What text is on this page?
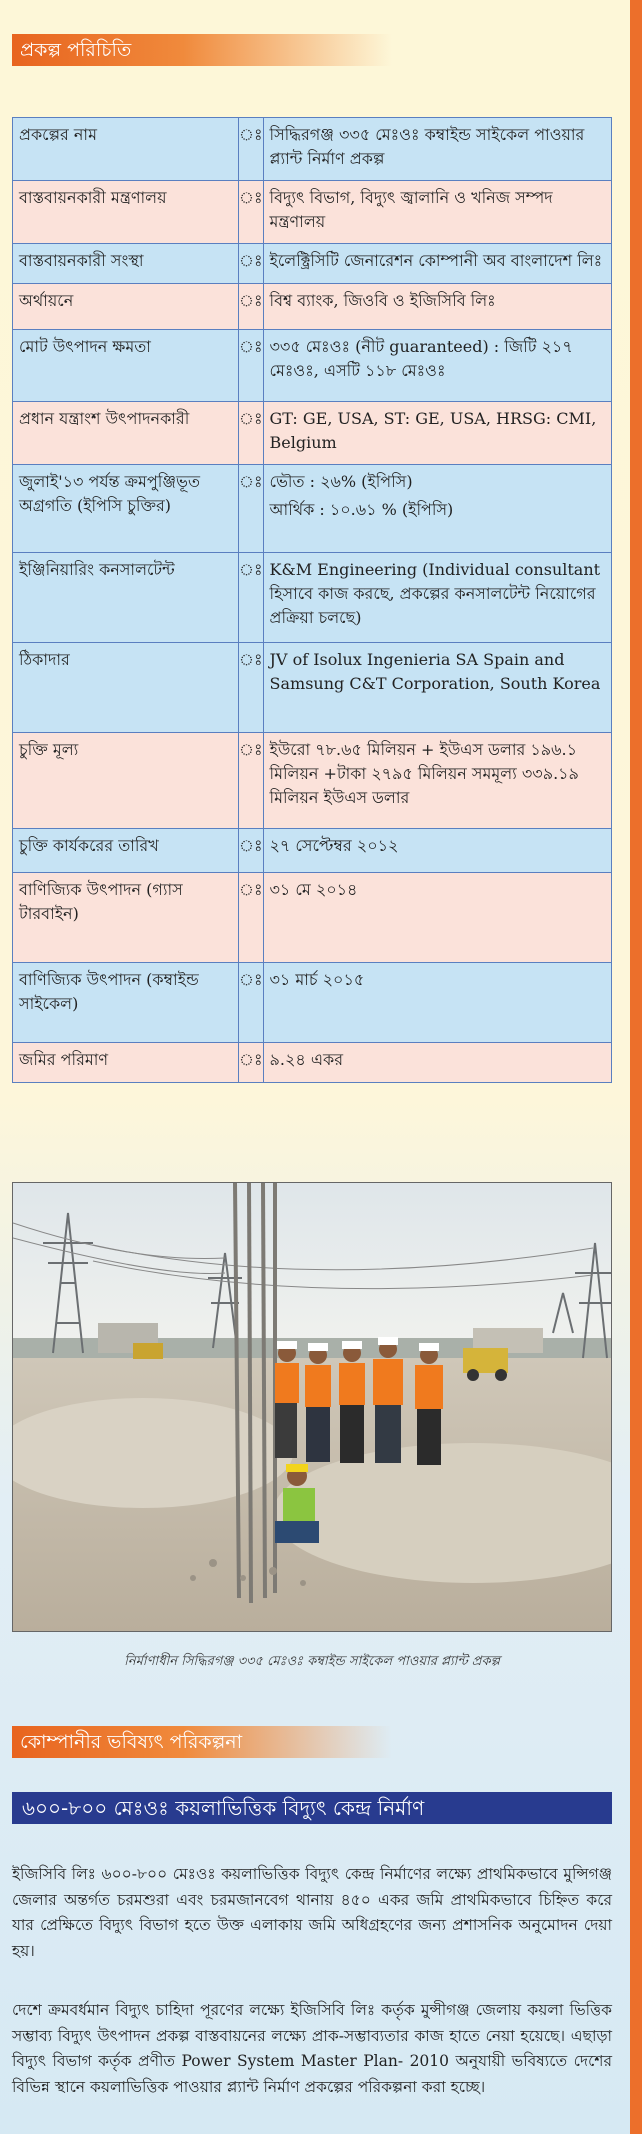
প্রকল্প পরিচিতি
প্রকল্পের নাম	ঃ	সিদ্ধিরগঞ্জ ৩৩৫ মেঃওঃ কম্বাইন্ড সাইকেল পাওয়ার প্ল্যান্ট নির্মাণ প্রকল্প

বাস্তবায়নকারী মন্ত্রণালয়	ঃ	বিদ্যুৎ বিভাগ, বিদ্যুৎ জ্বালানি ও খনিজ সম্পদ মন্ত্রণালয়

বাস্তবায়নকারী সংস্থা	ঃ	ইলেক্ট্রিসিটি জেনারেশন কোম্পানী অব বাংলাদেশ লিঃ

অর্থায়নে	ঃ	বিশ্ব ব্যাংক, জিওবি ও ইজিসিবি লিঃ

মোট উৎপাদন ক্ষমতা	ঃ	৩৩৫ মেঃওঃ (নীট guaranteed) : জিটি ২১৭ মেঃওঃ, এসটি ১১৮ মেঃওঃ

প্রধান যন্ত্রাংশ উৎপাদনকারী	ঃ	GT: GE, USA, ST: GE, USA, HRSG: CMI, Belgium

জুলাই'১৩ পর্যন্ত ক্রমপুঞ্জিভূত অগ্রগতি (ইপিসি চুক্তির)	ঃ	ভৌত : ২৬% (ইপিসি)

আর্থিক : ১০.৬১ % (ইপিসি)

ইঞ্জিনিয়ারিং কনসালটেন্ট	ঃ	K&M Engineering (Individual consultant হিসাবে কাজ করছে, প্রকল্পের কনসালটেন্ট নিয়োগের প্রক্রিয়া চলছে)

ঠিকাদার	ঃ	JV of Isolux Ingenieria SA Spain and Samsung C&T Corporation, South Korea

চুক্তি মূল্য	ঃ	ইউরো ৭৮.৬৫ মিলিয়ন + ইউএস ডলার ১৯৬.১ মিলিয়ন +টাকা ২৭৯৫ মিলিয়ন সমমূল্য ৩৩৯.১৯ মিলিয়ন ইউএস ডলার

চুক্তি কার্যকরের তারিখ	ঃ	২৭ সেপ্টেম্বর ২০১২

বাণিজ্যিক উৎপাদন (গ্যাস টারবাইন)	ঃ	৩১ মে ২০১৪

বাণিজ্যিক উৎপাদন (কম্বাইন্ড সাইকেল)	ঃ	৩১ মার্চ ২০১৫

জমির পরিমাণ	ঃ	৯.২৪ একর

নির্মাণাধীন সিদ্ধিরগঞ্জ ৩৩৫ মেঃওঃ কম্বাইন্ড সাইকেল পাওয়ার প্ল্যান্ট প্রকল্প
কোম্পানীর ভবিষ্যৎ পরিকল্পনা
৬০০-৮০০ মেঃওঃ কয়লাভিত্তিক বিদ্যুৎ কেন্দ্র নির্মাণ

ইজিসিবি লিঃ ৬০০-৮০০ মেঃওঃ কয়লাভিত্তিক বিদ্যুৎ কেন্দ্র নির্মাণের লক্ষ্যে প্রাথমিকভাবে মুন্সিগঞ্জ জেলার অন্তর্গত চরমশুরা এবং চরমজানবেগ থানায় ৪৫০ একর জমি প্রাথমিকভাবে চিহ্নিত করে যার প্রেক্ষিতে বিদ্যুৎ বিভাগ হতে উক্ত এলাকায় জমি অধিগ্রহণের জন্য প্রশাসনিক অনুমোদন দেয়া হয়।

দেশে ক্রমবর্ধমান বিদ্যুৎ চাহিদা পূরণের লক্ষ্যে ইজিসিবি লিঃ কর্তৃক মুন্সীগঞ্জ জেলায় কয়লা ভিত্তিক সম্ভাব্য বিদ্যুৎ উৎপাদন প্রকল্প বাস্তবায়নের লক্ষ্যে প্রাক-সম্ভাব্যতার কাজ হাতে নেয়া হয়েছে। এছাড়া বিদ্যুৎ বিভাগ কর্তৃক প্রণীত Power System Master Plan- 2010 অনুযায়ী ভবিষ্যতে দেশের বিভিন্ন স্থানে কয়লাভিত্তিক পাওয়ার প্ল্যান্ট নির্মাণ প্রকল্পের পরিকল্পনা করা হচ্ছে।
